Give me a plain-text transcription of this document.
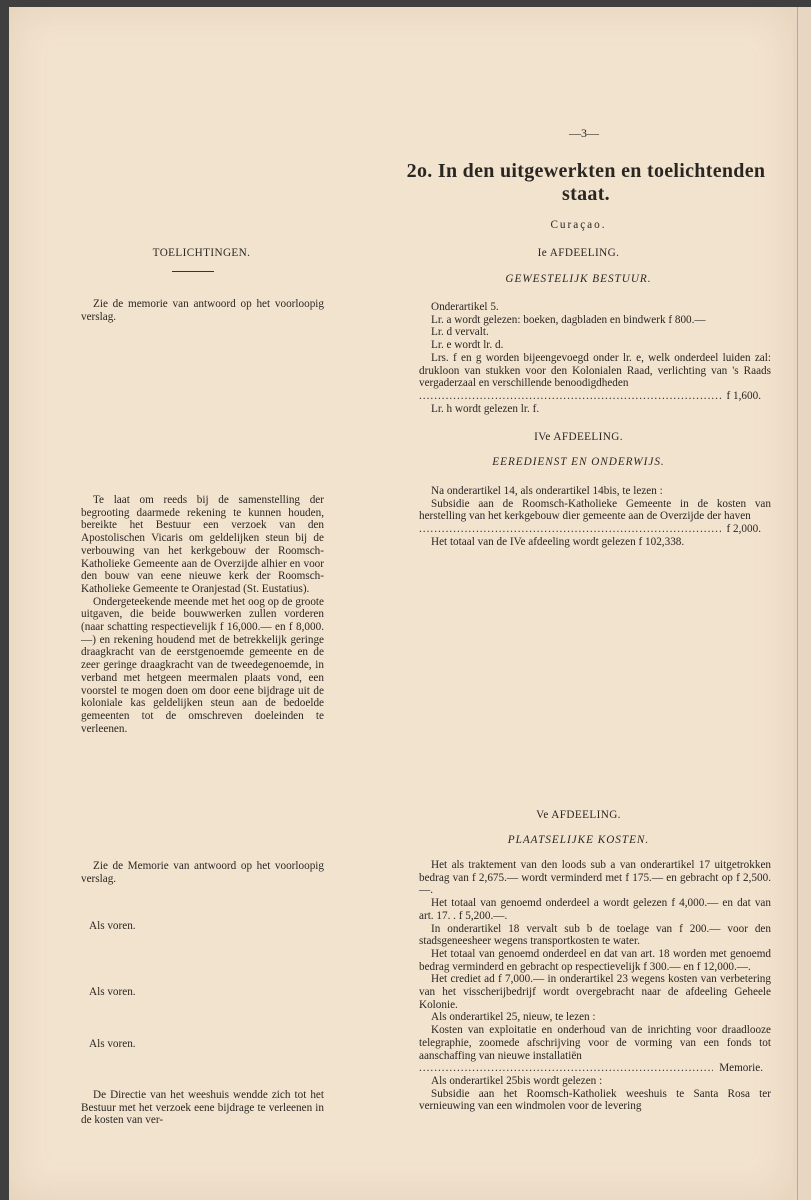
—3—
2o. In den uitgewerkten en toelichtenden staat.
Curaçao.
TOELICHTINGEN.
Zie de memorie van antwoord op het voorloopig verslag.

Te laat om reeds bij de samenstelling der begrooting daarmede rekening te kunnen houden, bereikte het Bestuur een verzoek van den Apostolischen Vicaris om geldelijken steun bij de verbouwing van het kerkgebouw der Roomsch-Katholieke Gemeente aan de Overzijde alhier en voor den bouw van eene nieuwe kerk der Roomsch-Katholieke Gemeente te Oranjestad (St. Eustatius).

Ondergeteekende meende met het oog op de groote uitgaven, die beide bouwwerken zullen vorderen (naar schatting respectievelijk f 16,000.— en f 8,000.—) en rekening houdend met de betrekkelijk geringe draagkracht van de eerstgenoemde gemeente en de zeer geringe draagkracht van de tweedegenoemde, in verband met hetgeen meermalen plaats vond, een voorstel te mogen doen om door eene bijdrage uit de koloniale kas geldelijken steun aan de bedoelde gemeenten tot de omschreven doeleinden te verleenen.

Zie de Memorie van antwoord op het voorloopig verslag.
Als voren.
Als voren.
Als voren.
De Directie van het weeshuis wendde zich tot het Bestuur met het verzoek eene bijdrage te verleenen in de kosten van ver-
Ie AFDEELING.
GEWESTELIJK BESTUUR.

Onderartikel 5.

Lr. a wordt gelezen: boeken, dagbladen en bindwerk f 800.—

Lr. d vervalt.

Lr. e wordt lr. d.

Lrs. f en g worden bijeengevoegd onder lr. e, welk onderdeel luiden zal: drukloon van stukken voor den Kolonialen Raad, verlichting van 's Raads vergaderzaal en verschillende benoodigdheden

.....
f 1,600.

Lr. h wordt gelezen lr. f.

IVe AFDEELING.
EEREDIENST EN ONDERWIJS.

Na onderartikel 14, als onderartikel 14bis, te lezen :

Subsidie aan de Roomsch-Katholieke Gemeente in de kosten van herstelling van het kerkgebouw dier gemeente aan de Overzijde der haven

.....
f 2,000.

Het totaal van de IVe afdeeling wordt gelezen f 102,338.

Ve AFDEELING.
PLAATSELIJKE KOSTEN.

Het als traktement van den loods sub a van onderartikel 17 uitgetrokken bedrag van f 2,675.— wordt verminderd met f 175.— en gebracht op f 2,500.—.

Het totaal van genoemd onderdeel a wordt gelezen f 4,000.— en dat van art. 17. . f 5,200.—.

In onderartikel 18 vervalt sub b de toelage van f 200.— voor den stadsgeneesheer wegens transportkosten te water.

Het totaal van genoemd onderdeel en dat van art. 18 worden met genoemd bedrag verminderd en gebracht op respectievelijk f 300.— en f 12,000.—.

Het crediet ad f 7,000.— in onderartikel 23 wegens kosten van verbetering van het visscherijbedrijf wordt overgebracht naar de afdeeling Geheele Kolonie.

Als onderartikel 25, nieuw, te lezen :

Kosten van exploitatie en onderhoud van de inrichting voor draadlooze telegraphie, zoomede afschrijving voor de vorming van een fonds tot aanschaffing van nieuwe installatiën

.....
Memorie.

Als onderartikel 25bis wordt gelezen :

Subsidie aan het Roomsch-Katholiek weeshuis te Santa Rosa ter vernieuwing van een windmolen voor de levering
